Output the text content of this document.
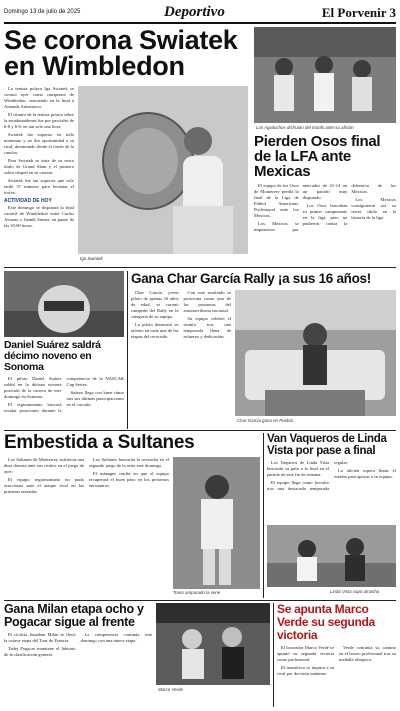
Domingo 13 de julio de 2025	Deportivo	El Porvenir 3
Se corona Swiatek en Wimbledon

La tenista polaca Iga Swiatek se coronó ayer como campeona de Wimbledon, venciendo en la final a Amanda Anisimova.

El triunfo de la tenista polaca sobre la estadounidense fue por parciales de 6-0 y 6-0, en tan solo una hora.

Swiatek fue superior en todo momento y no dio oportunidad a su rival, dominando desde el fondo de la cancha.

Para Swiatek se trata de su sexto título de Grand Slam y el primero sobre césped en su carrera.

Swiatek fue tan superior que solo tardó 57 minutos para levantar el trofeo.

ACTIVIDAD DE HOY

Este domingo se disputará la final varonil de Wimbledon entre Carlos Alcaraz y Jannik Sinner, en punto de las 10:00 horas.

Iga Swiatek
Los Aguiluchos disfrutan del triunfo ante su afición
Pierden Osos final de la LFA ante Mexicas

El equipo de los Osos de Monterrey perdió la final de la Liga de Fútbol Americano Profesional ante los Mexicas.

Los Mexicas se impusieron por marcador de 21-14 en un partido muy disputado.

Los Osos buscaban su primer campeonato en la liga, pero no pudieron contra la defensiva de los Mexicas.

Los Mexicas consiguieron así su tercer título en la historia de la liga.

Daniel Suárez saldrá décimo noveno en Sonoma

El piloto Daniel Suárez saldrá en la décimo novena posición de la carrera de este domingo en Sonoma.

El regiomontano buscará escalar posiciones durante la competencia de la NASCAR Cup Series.

Suárez llega con buen ritmo tras sus últimas participaciones en el circuito.

Gana Char García Rally ¡a sus 16 años!

Char García, joven piloto de apenas 16 años de edad, se coronó campeón del Rally en la categoría de su equipo.

La piloto demostró su talento en cada una de las etapas del recorrido.

Con este resultado se posiciona como una de las promesas del automovilismo nacional.

Su equipo celebró el triunfo tras una temporada llena de esfuerzo y dedicación.

Char García gana en Puebla
Embestida a Sultanes

Los Sultanes de Monterrey sufrieron una dura derrota ante sus rivales en el juego de ayer.

El equipo regiomontano no pudo reaccionar ante el ataque rival en las primeras entradas.

Los Sultanes buscarán la revancha en el segundo juego de la serie este domingo.

El mánager confía en que el equipo recuperará el buen paso en los próximos encuentros.

Tomo amparado la serie
Van Vaqueros de Linda Vista por pase a final

Los Vaqueros de Linda Vista buscarán su pase a la final en el partido de este fin de semana.

El equipo llega como favorito tras una destacada temporada regular.

La afición espera llenar el estadio para apoyar a su equipo.

Linda Vista vapó atrasiha
Gana Milan etapa ocho y Pogacar sigue al frente

El ciclista Jonathan Milan se llevó la octava etapa del Tour de Francia.

Tadej Pogacar mantiene el liderato de la clasificación general.

La competencia continúa este domingo con una nueva etapa.

Marco Verde
Se apunta Marco Verde su segunda victoria

El boxeador Marco Verde se apuntó su segunda victoria como profesional.

El mazatleco se impuso a su rival por decisión unánime.

Verde continúa su camino en el boxeo profesional tras su medalla olímpica.
